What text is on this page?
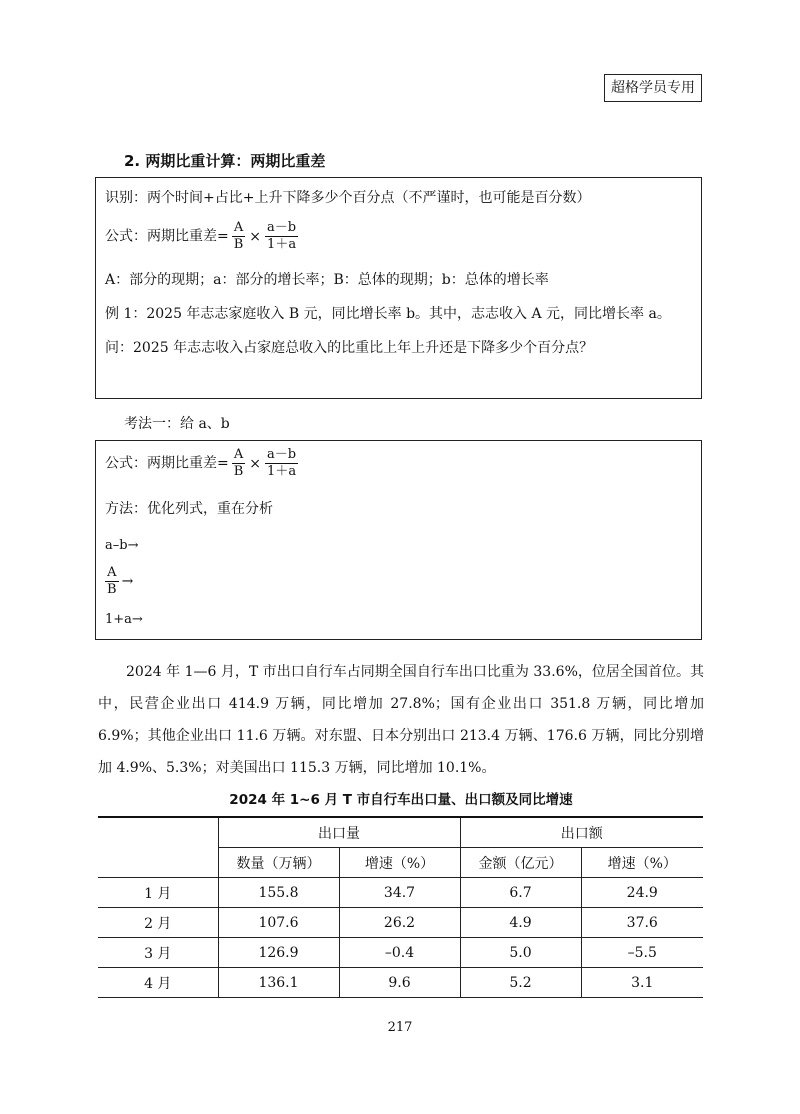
超格学员专用
2. 两期比重计算：两期比重差
识别：两个时间+占比+上升下降多少个百分点（不严谨时，也可能是百分数）
公式：两期比重差= $\frac{A}{B} \times \frac{a-b}{1+a}$
A：部分的现期；a：部分的增长率；B：总体的现期；b：总体的增长率
例 1：2025 年志志家庭收入 B 元，同比增长率 b。其中，志志收入 A 元，同比增长率 a。
问：2025 年志志收入占家庭总收入的比重比上年上升还是下降多少个百分点？
考法一：给 a、b
公式：两期比重差= $\frac{A}{B} \times \frac{a-b}{1+a}$
方法：优化列式，重在分析
a–b→
$\frac{A}{B}$ →
1+a→
2024 年 1—6 月，T 市出口自行车占同期全国自行车出口比重为 33.6%，位居全国首位。其中，民营企业出口 414.9 万辆，同比增加 27.8%；国有企业出口 351.8 万辆，同比增加 6.9%；其他企业出口 11.6 万辆。对东盟、日本分别出口 213.4 万辆、176.6 万辆，同比分别增加 4.9%、5.3%；对美国出口 115.3 万辆，同比增加 10.1%。
2024 年 1~6 月 T 市自行车出口量、出口额及同比增速
	出口量		出口额	
	数量（万辆）	增速（%）	金额（亿元）	增速（%）
1 月	155.8	34.7	6.7	24.9
2 月	107.6	26.2	4.9	37.6
3 月	126.9	–0.4	5.0	–5.5
4 月	136.1	9.6	5.2	3.1
217
